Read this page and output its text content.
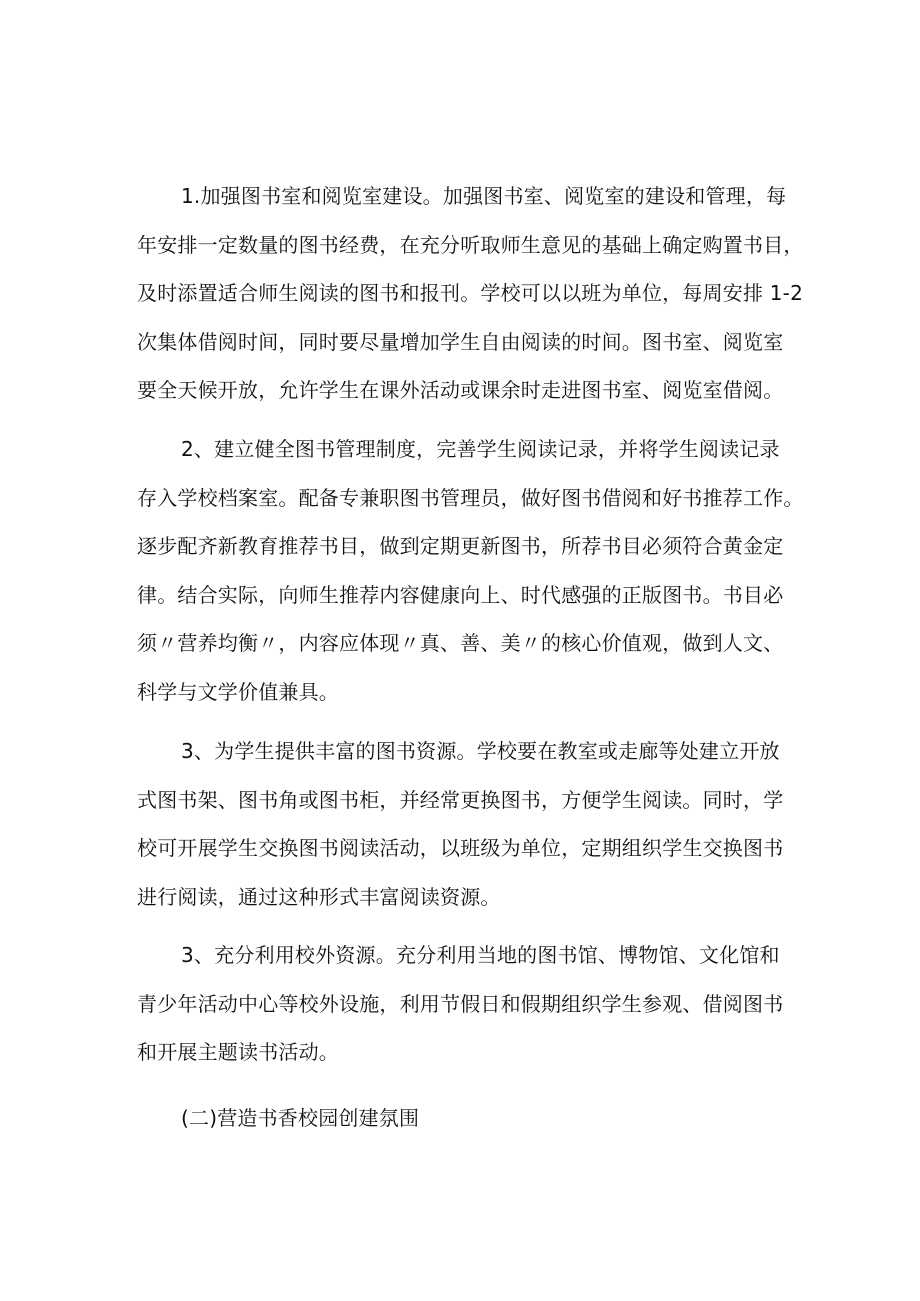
1.加强图书室和阅览室建设。加强图书室、阅览室的建设和管理，每
年安排一定数量的图书经费，在充分听取师生意见的基础上确定购置书目，
及时添置适合师生阅读的图书和报刊。学校可以以班为单位，每周安排 1-2
次集体借阅时间，同时要尽量增加学生自由阅读的时间。图书室、阅览室
要全天候开放，允许学生在课外活动或课余时走进图书室、阅览室借阅。
2、建立健全图书管理制度，完善学生阅读记录，并将学生阅读记录
存入学校档案室。配备专兼职图书管理员，做好图书借阅和好书推荐工作。
逐步配齐新教育推荐书目，做到定期更新图书，所荐书目必须符合黄金定
律。结合实际，向师生推荐内容健康向上、时代感强的正版图书。书目必
须〃营养均衡〃，内容应体现〃真、善、美〃的核心价值观，做到人文、
科学与文学价值兼具。
3、为学生提供丰富的图书资源。学校要在教室或走廊等处建立开放
式图书架、图书角或图书柜，并经常更换图书，方便学生阅读。同时，学
校可开展学生交换图书阅读活动，以班级为单位，定期组织学生交换图书
进行阅读，通过这种形式丰富阅读资源。
3、充分利用校外资源。充分利用当地的图书馆、博物馆、文化馆和
青少年活动中心等校外设施，利用节假日和假期组织学生参观、借阅图书
和开展主题读书活动。
(二)营造书香校园创建氛围
